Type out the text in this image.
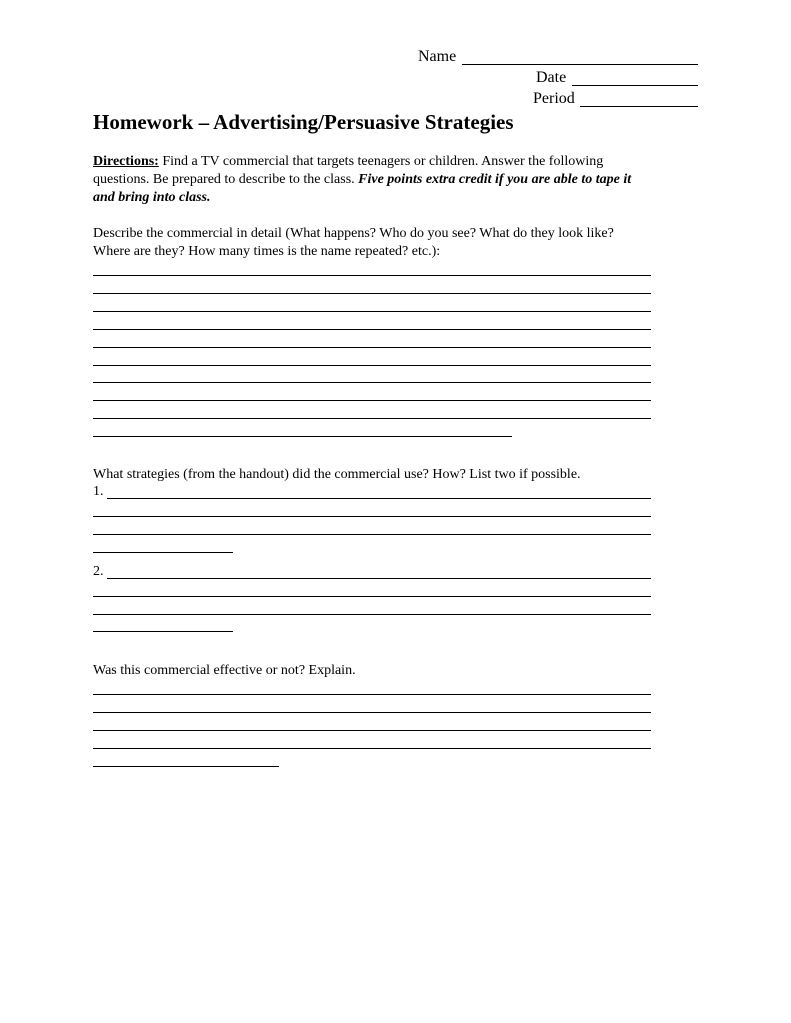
Name
Date
Period
Homework – Advertising/Persuasive Strategies
Directions: Find a TV commercial that targets teenagers or children. Answer the following
questions. Be prepared to describe to the class. Five points extra credit if you are able to tape it
and bring into class.
Describe the commercial in detail (What happens? Who do you see? What do they look like?
Where are they? How many times is the name repeated? etc.):
What strategies (from the handout) did the commercial use? How? List two if possible.
1.
2.
Was this commercial effective or not? Explain.
